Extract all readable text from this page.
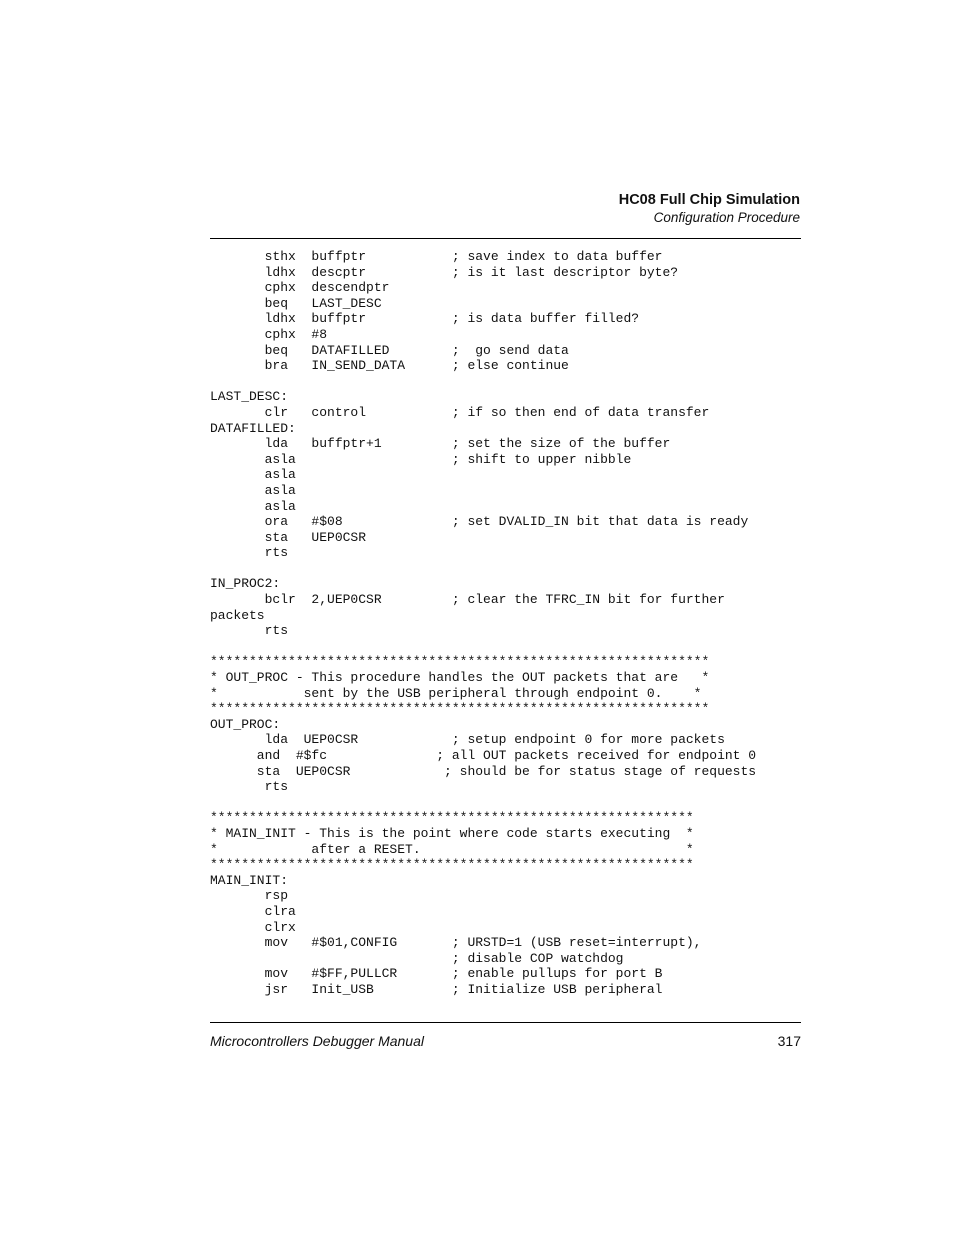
HC08 Full Chip Simulation
Configuration Procedure
sthx  buffptr           ; save index to data buffer
ldhx  descptr           ; is it last descriptor byte?
cphx  descendptr
beq   LAST_DESC
ldhx  buffptr           ; is data buffer filled?
cphx  #8
beq   DATAFILLED        ;  go send data
bra   IN_SEND_DATA      ; else continue
LAST_DESC:
clr   control           ; if so then end of data transfer
DATAFILLED:
lda   buffptr+1         ; set the size of the buffer
asla                    ; shift to upper nibble
asla
asla
asla
ora   #$08              ; set DVALID_IN bit that data is ready
sta   UEP0CSR
rts
IN_PROC2:
bclr  2,UEP0CSR         ; clear the TFRC_IN bit for further
packets
rts
****************************************************************
* OUT_PROC - This procedure handles the OUT packets that are   *
*           sent by the USB peripheral through endpoint 0.    *
****************************************************************
OUT_PROC:
lda  UEP0CSR            ; setup endpoint 0 for more packets
and  #$fc              ; all OUT packets received for endpoint 0
sta  UEP0CSR            ; should be for status stage of requests
rts
**************************************************************
* MAIN_INIT - This is the point where code starts executing  *
*            after a RESET.                                  *
**************************************************************
MAIN_INIT:
rsp
clra
clrx
mov   #$01,CONFIG       ; URSTD=1 (USB reset=interrupt),
; disable COP watchdog
mov   #$FF,PULLCR       ; enable pullups for port B
jsr   Init_USB          ; Initialize USB peripheral
Microcontrollers Debugger Manual	317
